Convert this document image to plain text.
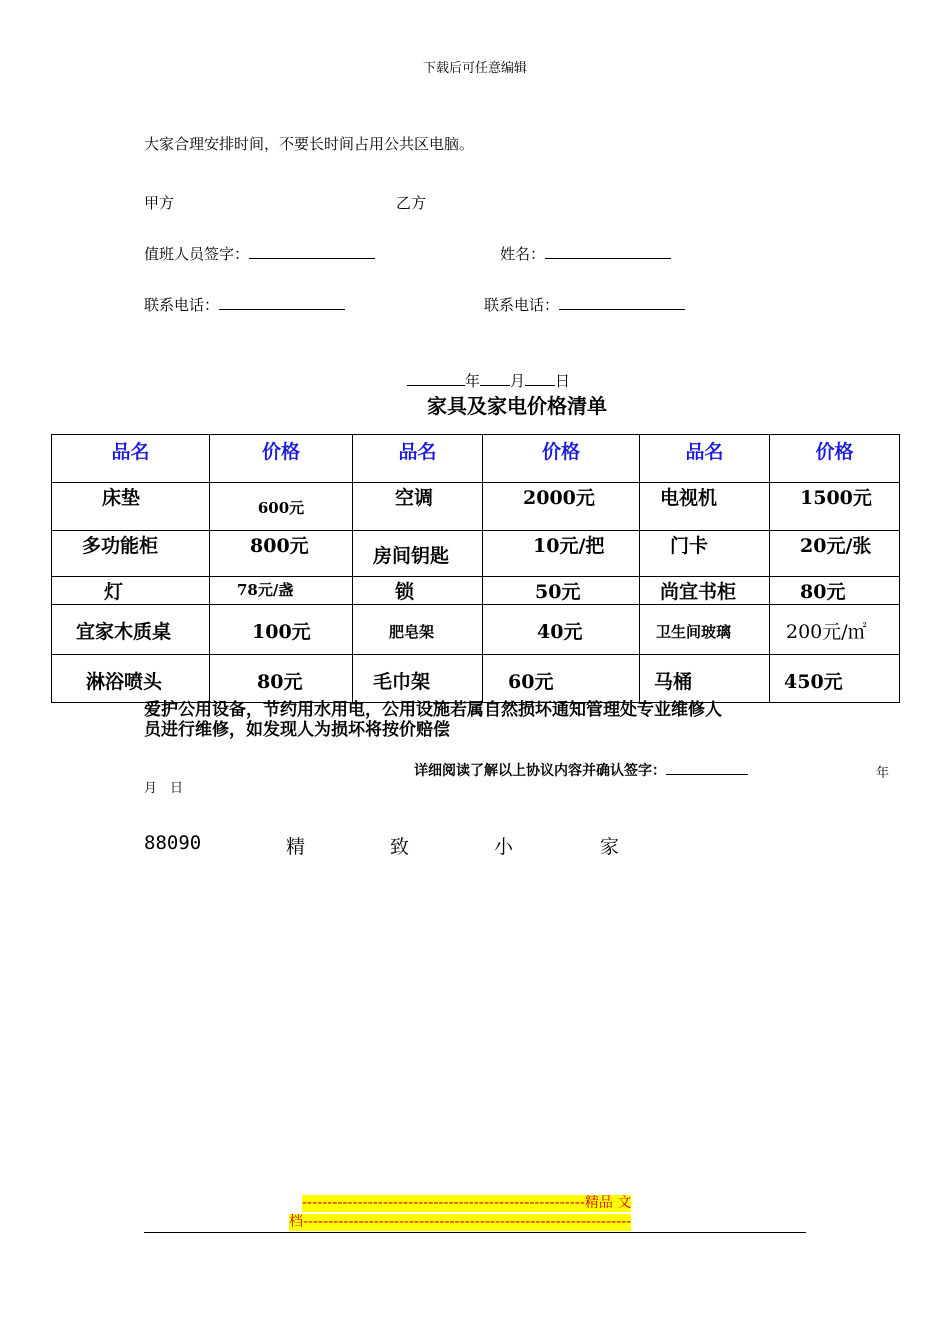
下载后可任意编辑
大家合理安排时间，不要长时间占用公共区电脑。
甲方	乙方
值班人员签字：	姓名：
联系电话：	联系电话：
年 月 日
家具及家电价格清单
品名	价格	品名	价格	品名	价格

床垫	600元	空调	2000元	电视机	1500元
多功能柜	800元	房间钥匙	10元/把	门卡	20元/张
灯	78元/盏	锁	50元	尚宜书柜	80元
宜家木质桌	100元	肥皂架	40元	卫生间玻璃	200元/㎡
淋浴喷头	80元	毛巾架	60元	马桶	450元
爱护公用设备，节约用水用电，公用设施若属自然损坏通知管理处专业维修人
员进行维修，如发现人为损坏将按价赔偿
详细阅读了解以上协议内容并确认签字：	年
月　日
88090	精	致	小	家
--------------------------------------------------------精品 文
档-----------------------------------------------------------------
